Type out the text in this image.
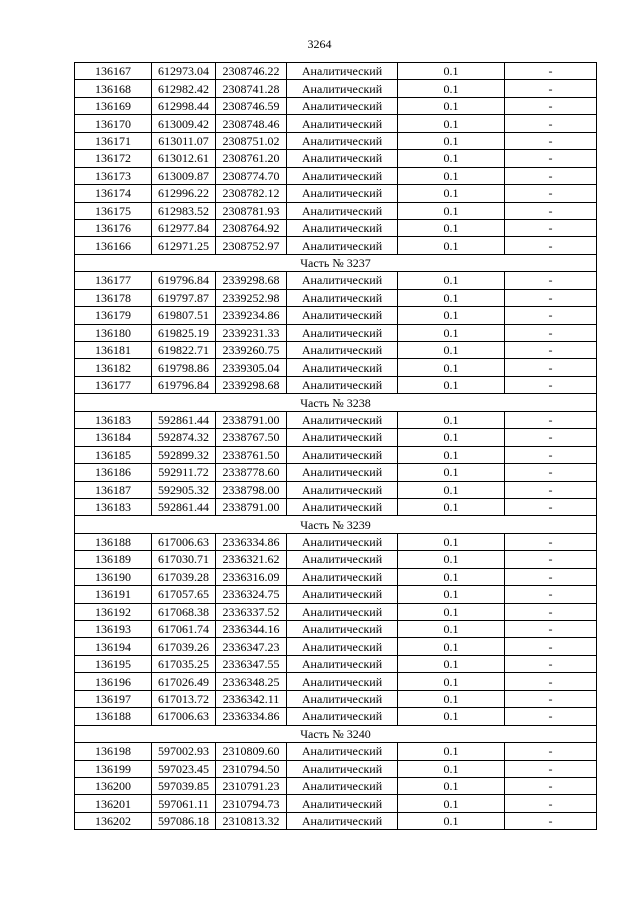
3264
136167	612973.04	2308746.22	Аналитический	0.1	-
136168	612982.42	2308741.28	Аналитический	0.1	-
136169	612998.44	2308746.59	Аналитический	0.1	-
136170	613009.42	2308748.46	Аналитический	0.1	-
136171	613011.07	2308751.02	Аналитический	0.1	-
136172	613012.61	2308761.20	Аналитический	0.1	-
136173	613009.87	2308774.70	Аналитический	0.1	-
136174	612996.22	2308782.12	Аналитический	0.1	-
136175	612983.52	2308781.93	Аналитический	0.1	-
136176	612977.84	2308764.92	Аналитический	0.1	-
136166	612971.25	2308752.97	Аналитический	0.1	-
Часть № 3237					
136177	619796.84	2339298.68	Аналитический	0.1	-
136178	619797.87	2339252.98	Аналитический	0.1	-
136179	619807.51	2339234.86	Аналитический	0.1	-
136180	619825.19	2339231.33	Аналитический	0.1	-
136181	619822.71	2339260.75	Аналитический	0.1	-
136182	619798.86	2339305.04	Аналитический	0.1	-
136177	619796.84	2339298.68	Аналитический	0.1	-
Часть № 3238					
136183	592861.44	2338791.00	Аналитический	0.1	-
136184	592874.32	2338767.50	Аналитический	0.1	-
136185	592899.32	2338761.50	Аналитический	0.1	-
136186	592911.72	2338778.60	Аналитический	0.1	-
136187	592905.32	2338798.00	Аналитический	0.1	-
136183	592861.44	2338791.00	Аналитический	0.1	-
Часть № 3239					
136188	617006.63	2336334.86	Аналитический	0.1	-
136189	617030.71	2336321.62	Аналитический	0.1	-
136190	617039.28	2336316.09	Аналитический	0.1	-
136191	617057.65	2336324.75	Аналитический	0.1	-
136192	617068.38	2336337.52	Аналитический	0.1	-
136193	617061.74	2336344.16	Аналитический	0.1	-
136194	617039.26	2336347.23	Аналитический	0.1	-
136195	617035.25	2336347.55	Аналитический	0.1	-
136196	617026.49	2336348.25	Аналитический	0.1	-
136197	617013.72	2336342.11	Аналитический	0.1	-
136188	617006.63	2336334.86	Аналитический	0.1	-
Часть № 3240					
136198	597002.93	2310809.60	Аналитический	0.1	-
136199	597023.45	2310794.50	Аналитический	0.1	-
136200	597039.85	2310791.23	Аналитический	0.1	-
136201	597061.11	2310794.73	Аналитический	0.1	-
136202	597086.18	2310813.32	Аналитический	0.1	-
